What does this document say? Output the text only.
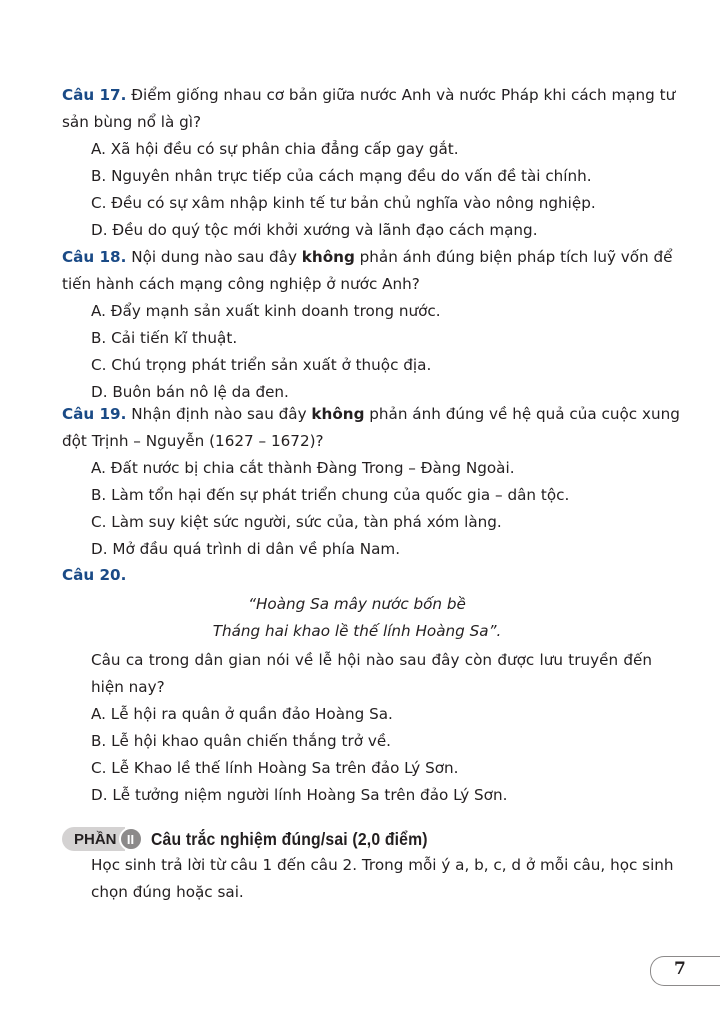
Câu 17. Điểm giống nhau cơ bản giữa nước Anh và nước Pháp khi cách mạng tư
sản bùng nổ là gì?
A. Xã hội đều có sự phân chia đẳng cấp gay gắt.
B. Nguyên nhân trực tiếp của cách mạng đều do vấn đề tài chính.
C. Đều có sự xâm nhập kinh tế tư bản chủ nghĩa vào nông nghiệp.
D. Đều do quý tộc mới khởi xướng và lãnh đạo cách mạng.
Câu 18. Nội dung nào sau đây không phản ánh đúng biện pháp tích luỹ vốn để
tiến hành cách mạng công nghiệp ở nước Anh?
A. Đẩy mạnh sản xuất kinh doanh trong nước.
B. Cải tiến kĩ thuật.
C. Chú trọng phát triển sản xuất ở thuộc địa.
D. Buôn bán nô lệ da đen.
Câu 19. Nhận định nào sau đây không phản ánh đúng về hệ quả của cuộc xung
đột Trịnh – Nguyễn (1627 – 1672)?
A. Đất nước bị chia cắt thành Đàng Trong – Đàng Ngoài.
B. Làm tổn hại đến sự phát triển chung của quốc gia – dân tộc.
C. Làm suy kiệt sức người, sức của, tàn phá xóm làng.
D. Mở đầu quá trình di dân về phía Nam.
Câu 20.
“Hoàng Sa mây nước bốn bề
Tháng hai khao lề thế lính Hoàng Sa”.
Câu ca trong dân gian nói về lễ hội nào sau đây còn được lưu truyền đến
hiện nay?
A. Lễ hội ra quân ở quần đảo Hoàng Sa.
B. Lễ hội khao quân chiến thắng trở về.
C. Lễ Khao lề thế lính Hoàng Sa trên đảo Lý Sơn.
D. Lễ tưởng niệm người lính Hoàng Sa trên đảo Lý Sơn.
PHẦN II Câu trắc nghiệm đúng/sai (2,0 điểm)
Học sinh trả lời từ câu 1 đến câu 2. Trong mỗi ý a, b, c, d ở mỗi câu, học sinh
chọn đúng hoặc sai.
7
